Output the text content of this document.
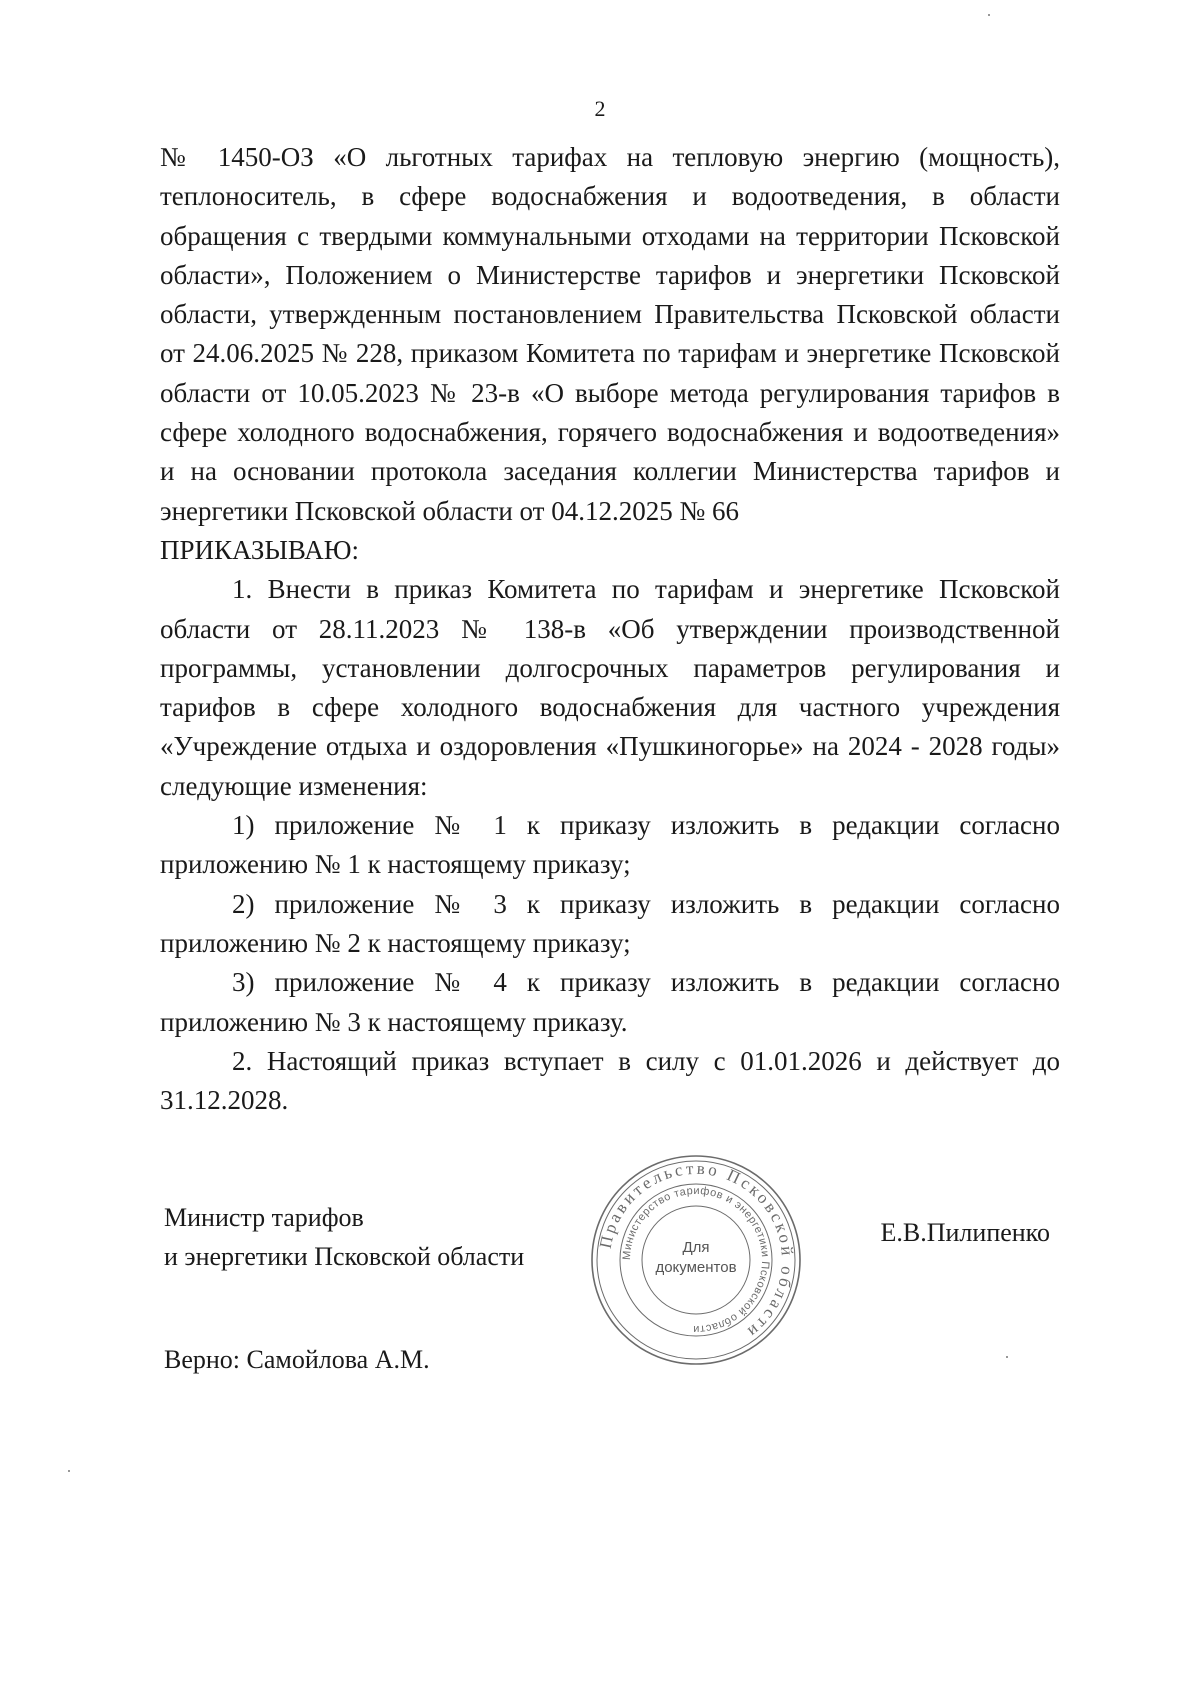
2

№ 1450-ОЗ «О льготных тарифах на тепловую энергию (мощность), теплоноситель, в сфере водоснабжения и водоотведения, в области обращения с твердыми коммунальными отходами на территории Псковской области», Положением о Министерстве тарифов и энергетики Псковской области, утвержденным постановлением Правительства Псковской области от 24.06.2025 № 228, приказом Комитета по тарифам и энергетике Псковской области от 10.05.2023 № 23-в «О выборе метода регулирования тарифов в сфере холодного водоснабжения, горячего водоснабжения и водоотведения» и на основании протокола заседания коллегии Министерства тарифов и энергетики Псковской области от 04.12.2025 № 66

ПРИКАЗЫВАЮ:

1. Внести в приказ Комитета по тарифам и энергетике Псковской области от 28.11.2023 № 138-в «Об утверждении производственной программы, установлении долгосрочных параметров регулирования и тарифов в сфере холодного водоснабжения для частного учреждения «Учреждение отдыха и оздоровления «Пушкиногорье» на 2024 - 2028 годы» следующие изменения:

1) приложение № 1 к приказу изложить в редакции согласно приложению № 1 к настоящему приказу;

2) приложение № 3 к приказу изложить в редакции согласно приложению № 2 к настоящему приказу;

3) приложение № 4 к приказу изложить в редакции согласно приложению № 3 к настоящему приказу.

2. Настоящий приказ вступает в силу с 01.01.2026 и действует до 31.12.2028.

Министр тарифов
и энергетики Псковской области
Е.В.Пилипенко
Верно: Самойлова А.М.
Правительство Псковской области
Министерство тарифов и энергетики Псковской области
Для
документов
